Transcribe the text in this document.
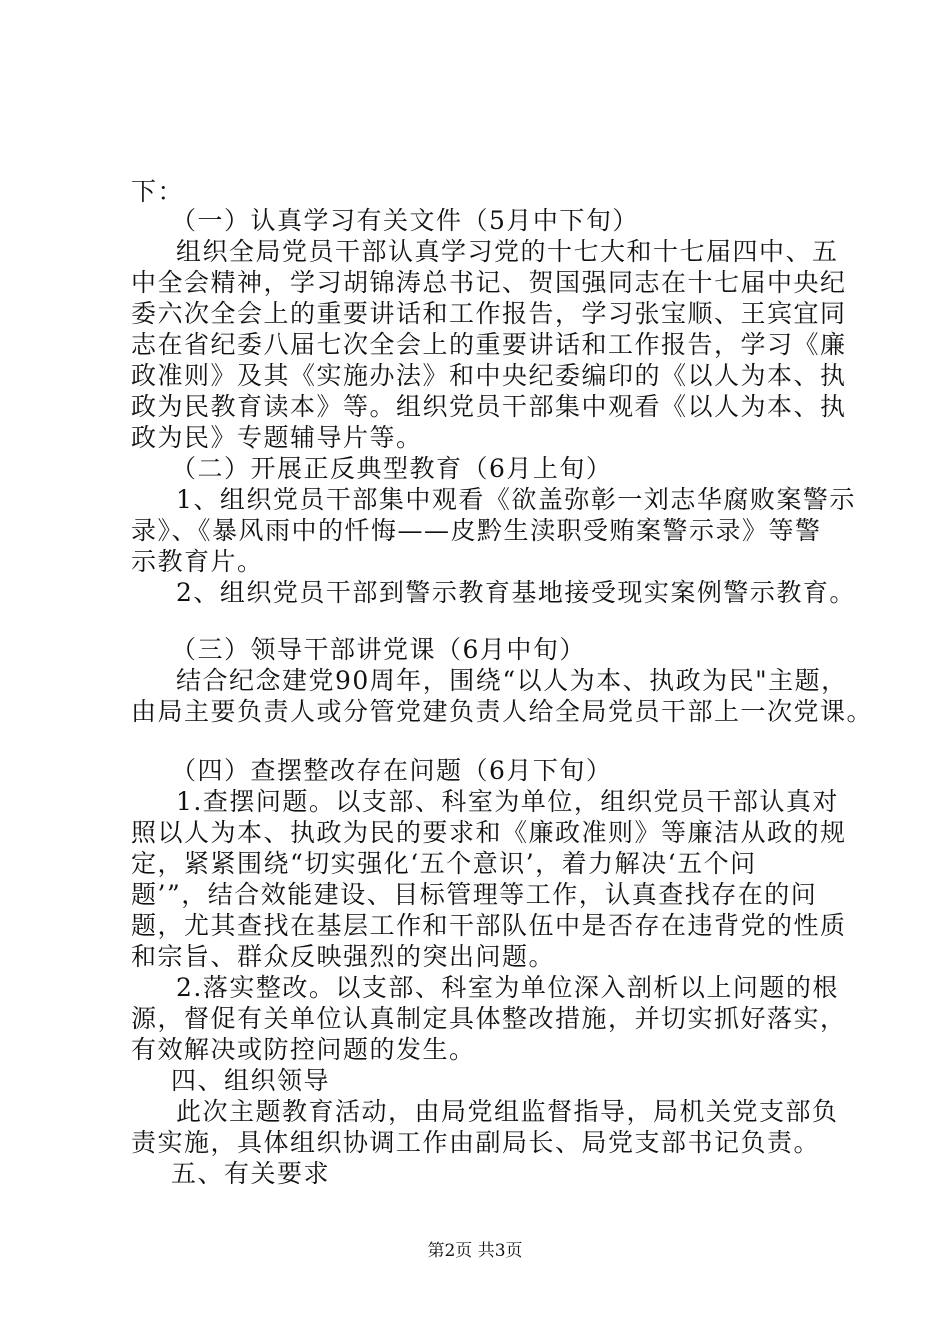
下：
（一）认真学习有关文件（5月中下旬）
组织全局党员干部认真学习党的十七大和十七届四中、五
中全会精神，学习胡锦涛总书记、贺国强同志在十七届中央纪
委六次全会上的重要讲话和工作报告，学习张宝顺、王宾宜同
志在省纪委八届七次全会上的重要讲话和工作报告，学习《廉
政准则》及其《实施办法》和中央纪委编印的《以人为本、执
政为民教育读本》等。组织党员干部集中观看《以人为本、执
政为民》专题辅导片等。
（二）开展正反典型教育（6月上旬）
1、组织党员干部集中观看《欲盖弥彰一刘志华腐败案警示
录》、《暴风雨中的忏悔——皮黔生渎职受贿案警示录》等警
示教育片。
2、组织党员干部到警示教育基地接受现实案例警示教育。
（三）领导干部讲党课（6月中旬）
结合纪念建党90周年，围绕“以人为本、执政为民"主题，
由局主要负责人或分管党建负责人给全局党员干部上一次党课。
（四）查摆整改存在问题（6月下旬）
1.查摆问题。以支部、科室为单位，组织党员干部认真对
照以人为本、执政为民的要求和《廉政准则》等廉洁从政的规
定，紧紧围绕“切实强化‘五个意识’，着力解决‘五个问
题’”，结合效能建设、目标管理等工作，认真查找存在的问
题，尤其查找在基层工作和干部队伍中是否存在违背党的性质
和宗旨、群众反映强烈的突出问题。
2.落实整改。以支部、科室为单位深入剖析以上问题的根
源，督促有关单位认真制定具体整改措施，并切实抓好落实，
有效解决或防控问题的发生。
四、组织领导
此次主题教育活动，由局党组监督指导，局机关党支部负
责实施，具体组织协调工作由副局长、局党支部书记负责。
五、有关要求
第2页 共3页
